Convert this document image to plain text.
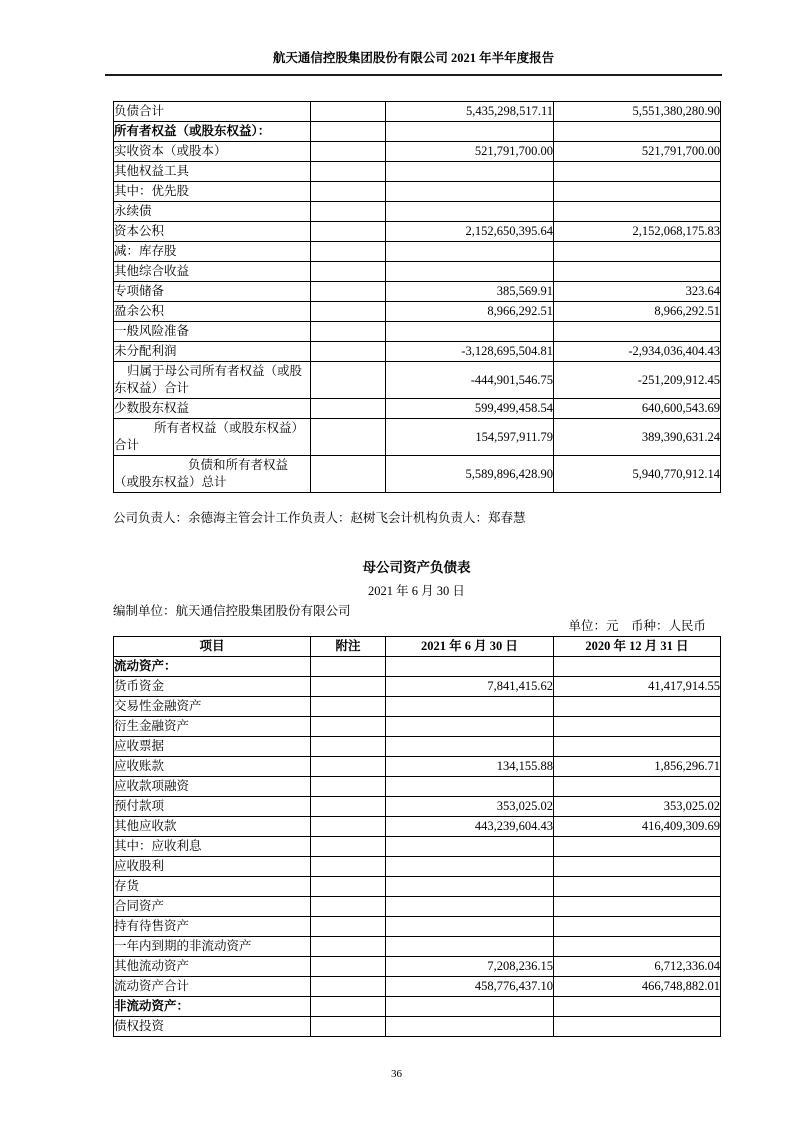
航天通信控股集团股份有限公司 2021 年半年度报告
负债合计		5,435,298,517.11	5,551,380,280.90
所有者权益（或股东权益）：			
实收资本（或股本）		521,791,700.00	521,791,700.00
其他权益工具			
其中：优先股			
永续债			
资本公积		2,152,650,395.64	2,152,068,175.83
减：库存股			
其他综合收益			
专项储备		385,569.91	323.64
盈余公积		8,966,292.51	8,966,292.51
一般风险准备			
未分配利润		-3,128,695,504.81	-2,934,036,404.43
归属于母公司所有者权益（或股东权益）合计		-444,901,546.75	-251,209,912.45
少数股东权益		599,499,458.54	640,600,543.69
所有者权益（或股东权益）合计		154,597,911.79	389,390,631.24
负债和所有者权益（或股东权益）总计		5,589,896,428.90	5,940,770,912.14
公司负责人：余德海主管会计工作负责人：赵树飞会计机构负责人：郑春慧
母公司资产负债表
2021 年 6 月 30 日
编制单位：航天通信控股集团股份有限公司
单位：元　币种：人民币
项目	附注	2021 年 6 月 30 日	2020 年 12 月 31 日
流动资产：			
货币资金		7,841,415.62	41,417,914.55
交易性金融资产			
衍生金融资产			
应收票据			
应收账款		134,155.88	1,856,296.71
应收款项融资			
预付款项		353,025.02	353,025.02
其他应收款		443,239,604.43	416,409,309.69
其中：应收利息			
应收股利			
存货			
合同资产			
持有待售资产			
一年内到期的非流动资产			
其他流动资产		7,208,236.15	6,712,336.04
流动资产合计		458,776,437.10	466,748,882.01
非流动资产：			
债权投资			
36
